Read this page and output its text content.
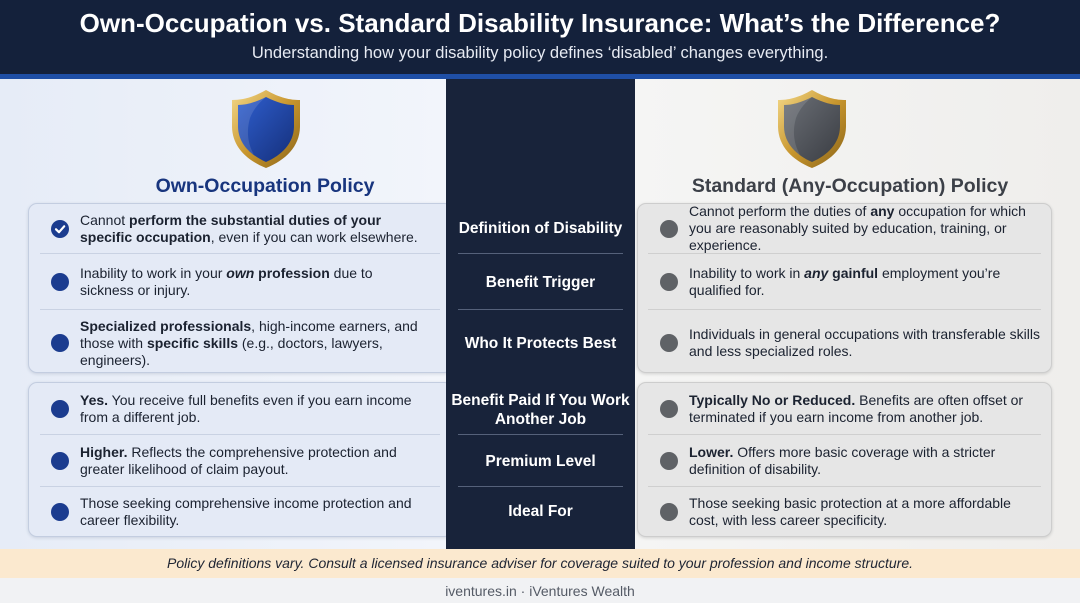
Own-Occupation vs. Standard Disability Insurance: What’s the Difference?
Understanding how your disability policy defines ‘disabled’ changes everything.
Own-Occupation Policy	Standard (Any-Occupation) Policy
Cannot perform the substantial duties of your specific occupation, even if you can work elsewhere.
Cannot perform the duties of any occupation for which you are reasonably suited by education, training, or experience.
Definition of Disability
Inability to work in your own profession due to sickness or injury.
Inability to work in any gainful employment you’re qualified for.
Benefit Trigger
Specialized professionals, high-income earners, and those with specific skills (e.g., doctors, lawyers, engineers).
Individuals in general occupations with transferable skills and less specialized roles.
Who It Protects Best
Yes. You receive full benefits even if you earn income from a different job.
Typically No or Reduced. Benefits are often offset or terminated if you earn income from another job.
Benefit Paid If You Work Another Job
Higher. Reflects the comprehensive protection and greater likelihood of claim payout.
Lower. Offers more basic coverage with a stricter definition of disability.
Premium Level
Those seeking comprehensive income protection and career flexibility.
Those seeking basic protection at a more affordable cost, with less career specificity.
Ideal For
Policy definitions vary. Consult a licensed insurance adviser for coverage suited to your profession and income structure.
iventures.in · iVentures Wealth
